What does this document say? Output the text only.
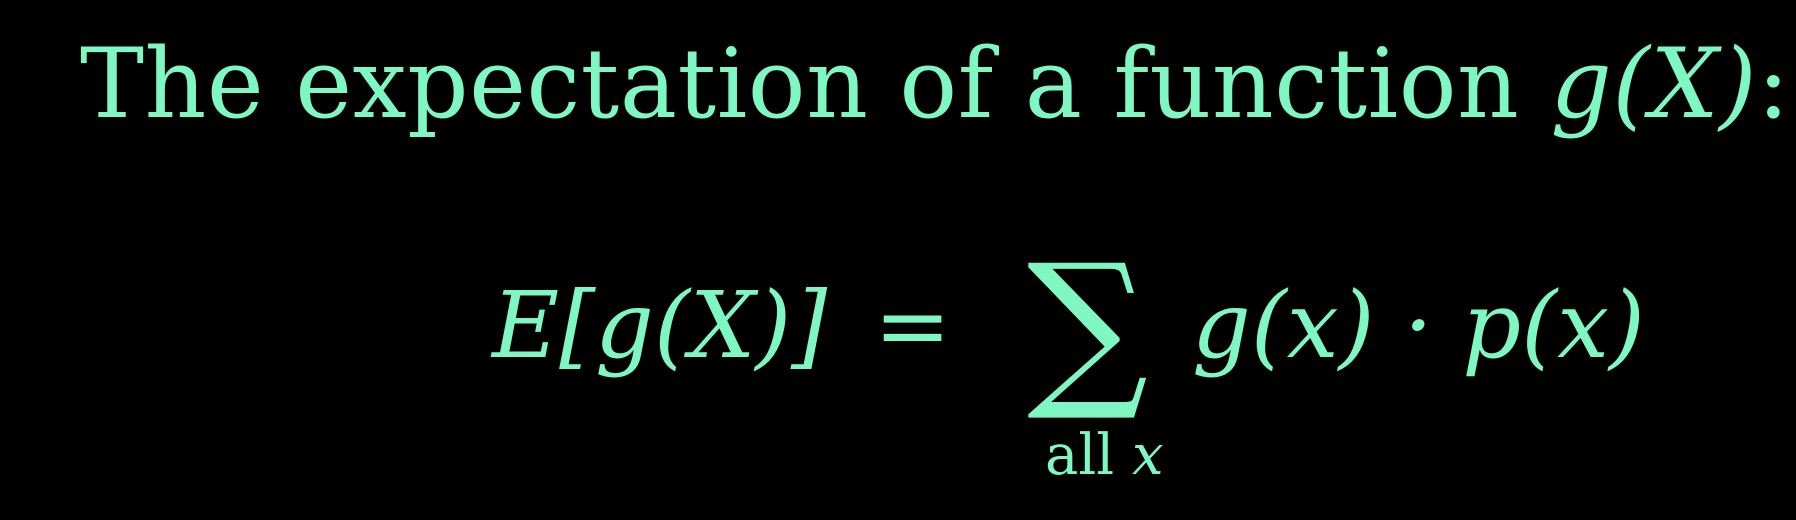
The expectation of a function g(X):
E[g(X)] = ∑
all x
g(x) · p(x)
